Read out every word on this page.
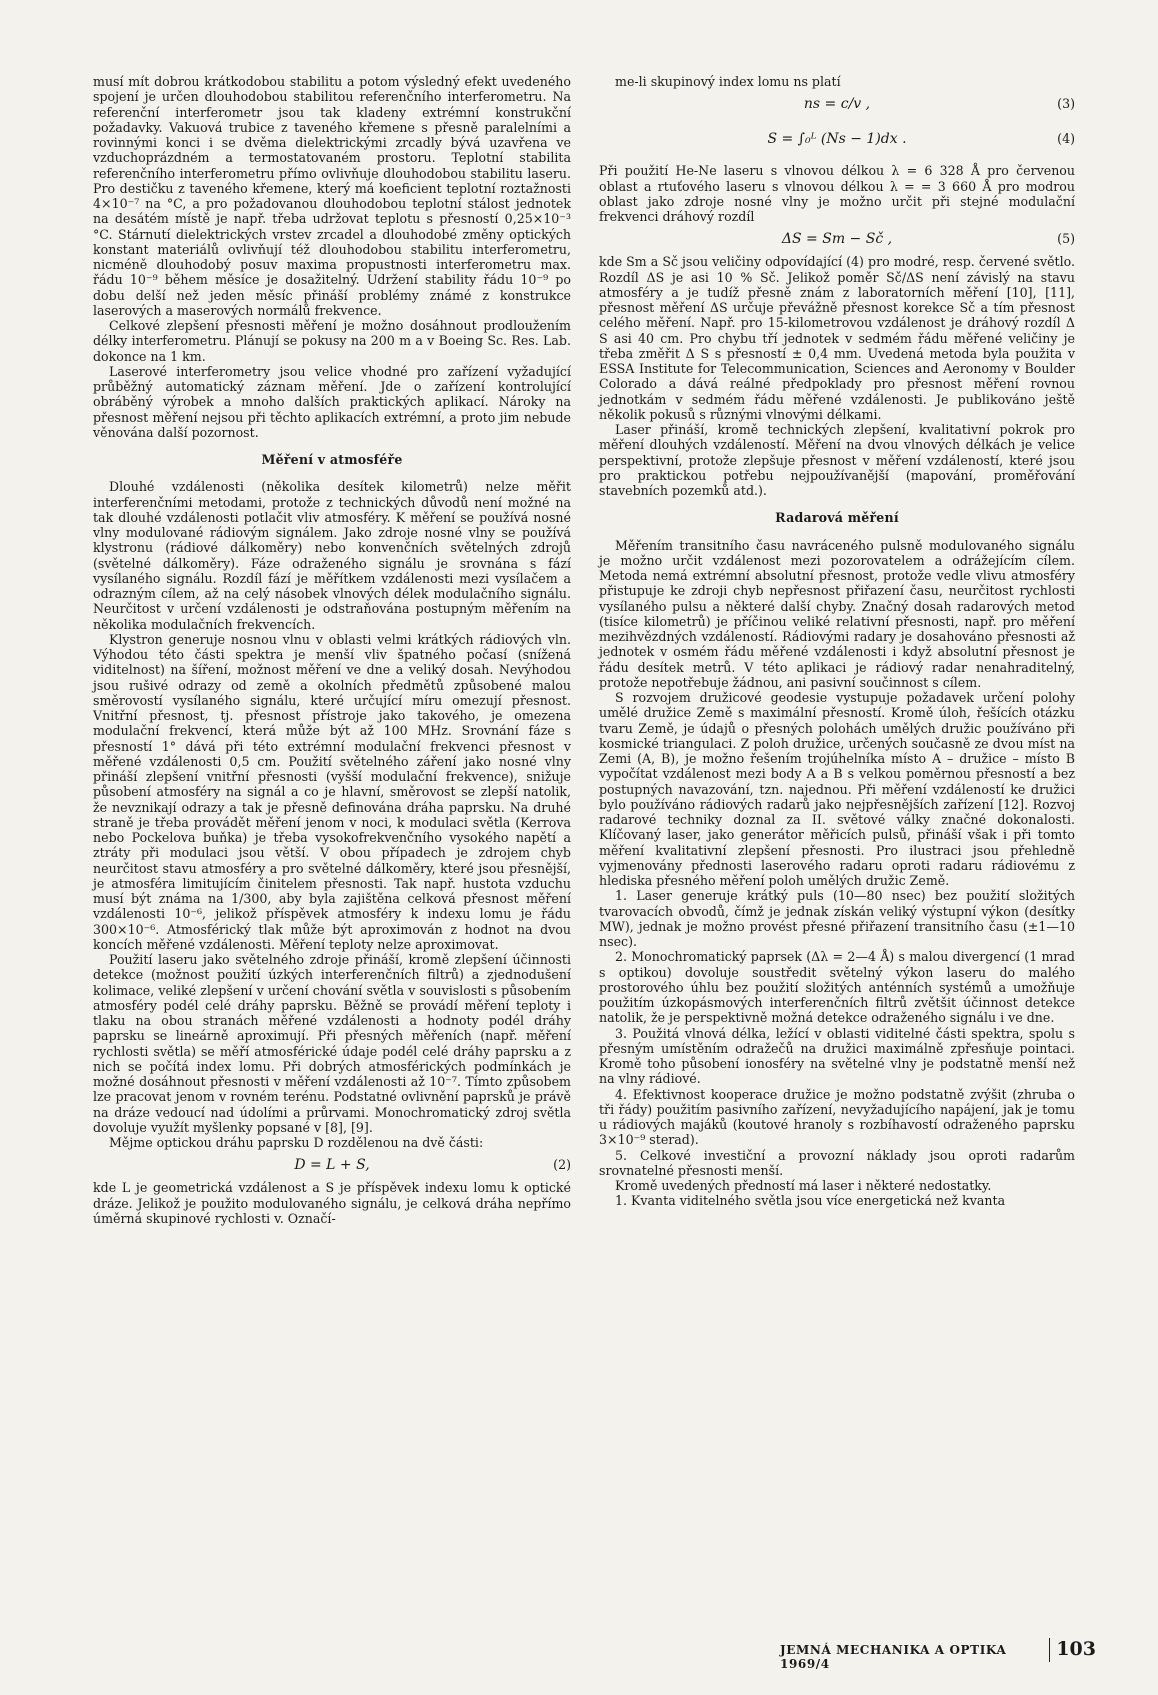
musí mít dobrou krátkodobou stabilitu a potom výsledný efekt uvedeného spojení je určen dlouhodobou stabilitou referenčního interferometru. Na referenční interferometr jsou tak kladeny extrémní konstrukční požadavky. Vakuová trubice z taveného křemene s přesně paralelními a rovinnými konci i se dvěma dielektrickými zrcadly bývá uzavřena ve vzduchoprázdném a termostatovaném prostoru. Teplotní stabilita referenčního interferometru přímo ovlivňuje dlouhodobou stabilitu laseru. Pro destičku z taveného křemene, který má koeficient teplotní roztažnosti 4×10⁻⁷ na °C, a pro požadovanou dlouhodobou teplotní stálost jednotek na desátém místě je např. třeba udržovat teplotu s přesností 0,25×10⁻³ °C. Stárnutí dielektrických vrstev zrcadel a dlouhodobé změny optických konstant materiálů ovlivňují též dlouhodobou stabilitu interferometru, nicméně dlouhodobý posuv maxima propustnosti interferometru max. řádu 10⁻⁹ během měsíce je dosažitelný. Udržení stability řádu 10⁻⁹ po dobu delší než jeden měsíc přináší problémy známé z konstrukce laserových a maserových normálů frekvence.

Celkové zlepšení přesnosti měření je možno dosáhnout prodloužením délky interferometru. Plánují se pokusy na 200 m a v Boeing Sc. Res. Lab. dokonce na 1 km.

Laserové interferometry jsou velice vhodné pro zařízení vyžadující průběžný automatický záznam měření. Jde o zařízení kontrolující obráběný výrobek a mnoho dalších praktických aplikací. Nároky na přesnost měření nejsou při těchto aplikacích extrémní, a proto jim nebude věnována další pozornost.

Měření v atmosféře

Dlouhé vzdálenosti (několika desítek kilometrů) nelze měřit interferenčními metodami, protože z technických důvodů není možné na tak dlouhé vzdálenosti potlačit vliv atmosféry. K měření se používá nosné vlny modulované rádiovým signálem. Jako zdroje nosné vlny se používá klystronu (rádiové dálkoměry) nebo konvenčních světelných zdrojů (světelné dálkoměry). Fáze odraženého signálu je srovnána s fází vysílaného signálu. Rozdíl fází je měřítkem vzdálenosti mezi vysílačem a odrazným cílem, až na celý násobek vlnových délek modulačního signálu. Neurčitost v určení vzdálenosti je odstraňována postupným měřením na několika modulačních frekvencích.

Klystron generuje nosnou vlnu v oblasti velmi krátkých rádiových vln. Výhodou této části spektra je menší vliv špatného počasí (snížená viditelnost) na šíření, možnost měření ve dne a veliký dosah. Nevýhodou jsou rušivé odrazy od země a okolních předmětů způsobené malou směrovostí vysílaného signálu, které určující míru omezují přesnost. Vnitřní přesnost, tj. přesnost přístroje jako takového, je omezena modulační frekvencí, která může být až 100 MHz. Srovnání fáze s přesností 1° dává při této extrémní modulační frekvenci přesnost v měřené vzdálenosti 0,5 cm. Použití světelného záření jako nosné vlny přináší zlepšení vnitřní přesnosti (vyšší modulační frekvence), snižuje působení atmosféry na signál a co je hlavní, směrovost se zlepší natolik, že nevznikají odrazy a tak je přesně definována dráha paprsku. Na druhé straně je třeba provádět měření jenom v noci, k modulaci světla (Kerrova nebo Pockelova buňka) je třeba vysokofrekvenčního vysokého napětí a ztráty při modulaci jsou větší. V obou případech je zdrojem chyb neurčitost stavu atmosféry a pro světelné dálkoměry, které jsou přesnější, je atmosféra limitujícím činitelem přesnosti. Tak např. hustota vzduchu musí být známa na 1/300, aby byla zajištěna celková přesnost měření vzdálenosti 10⁻⁶, jelikož příspěvek atmosféry k indexu lomu je řádu 300×10⁻⁶. Atmosférický tlak může být aproximován z hodnot na dvou koncích měřené vzdálenosti. Měření teploty nelze aproximovat.

Použití laseru jako světelného zdroje přináší, kromě zlepšení účinnosti detekce (možnost použití úzkých interferenčních filtrů) a zjednodušení kolimace, veliké zlepšení v určení chování světla v souvislosti s působením atmosféry podél celé dráhy paprsku. Běžně se provádí měření teploty i tlaku na obou stranách měřené vzdálenosti a hodnoty podél dráhy paprsku se lineárně aproximují. Při přesných měřeních (např. měření rychlosti světla) se měří atmosférické údaje podél celé dráhy paprsku a z nich se počítá index lomu. Při dobrých atmosférických podmínkách je možné dosáhnout přesnosti v měření vzdálenosti až 10⁻⁷. Tímto způsobem lze pracovat jenom v rovném terénu. Podstatné ovlivnění paprsků je právě na dráze vedoucí nad údolími a průrvami. Monochromatický zdroj světla dovoluje využít myšlenky popsané v [8], [9].

Mějme optickou dráhu paprsku D rozdělenou na dvě části:

D = L + S,	(2)

kde L je geometrická vzdálenost a S je příspěvek indexu lomu k optické dráze. Jelikož je použito modulovaného signálu, je celková dráha nepřímo úměrná skupinové rychlosti v. Označí-

me-li skupinový index lomu ns platí

ns = c/v ,	(3)
S = ∫₀ᴸ (Ns − 1)dx .	(4)

Při použití He-Ne laseru s vlnovou délkou λ = 6 328 Å pro červenou oblast a rtuťového laseru s vlnovou délkou λ = = 3 660 Å pro modrou oblast jako zdroje nosné vlny je možno určit při stejné modulační frekvenci dráhový rozdíl

ΔS = Sm − Sč ,	(5)

kde Sm a Sč jsou veličiny odpovídající (4) pro modré, resp. červené světlo. Rozdíl ΔS je asi 10 % Sč. Jelikož poměr Sč/ΔS není závislý na stavu atmosféry a je tudíž přesně znám z laboratorních měření [10], [11], přesnost měření ΔS určuje převážně přesnost korekce Sč a tím přesnost celého měření. Např. pro 15-kilometrovou vzdálenost je dráhový rozdíl Δ S asi 40 cm. Pro chybu tří jednotek v sedmém řádu měřené veličiny je třeba změřit Δ S s přesností ± 0,4 mm. Uvedená metoda byla použita v ESSA Institute for Telecommunication, Sciences and Aeronomy v Boulder Colorado a dává reálné předpoklady pro přesnost měření rovnou jednotkám v sedmém řádu měřené vzdálenosti. Je publikováno ještě několik pokusů s různými vlnovými délkami.

Laser přináší, kromě technických zlepšení, kvalitativní pokrok pro měření dlouhých vzdáleností. Měření na dvou vlnových délkách je velice perspektivní, protože zlepšuje přesnost v měření vzdáleností, které jsou pro praktickou potřebu nejpoužívanější (mapování, proměřování stavebních pozemků atd.).

Radarová měření

Měřením transitního času navráceného pulsně modulovaného signálu je možno určit vzdálenost mezi pozorovatelem a odrážejícím cílem. Metoda nemá extrémní absolutní přesnost, protože vedle vlivu atmosféry přistupuje ke zdroji chyb nepřesnost přiřazení času, neurčitost rychlosti vysílaného pulsu a některé další chyby. Značný dosah radarových metod (tisíce kilometrů) je příčinou veliké relativní přesnosti, např. pro měření mezihvězdných vzdáleností. Rádiovými radary je dosahováno přesnosti až jednotek v osmém řádu měřené vzdálenosti i když absolutní přesnost je řádu desítek metrů. V této aplikaci je rádiový radar nenahraditelný, protože nepotřebuje žádnou, ani pasivní součinnost s cílem.

S rozvojem družicové geodesie vystupuje požadavek určení polohy umělé družice Země s maximální přesností. Kromě úloh, řešících otázku tvaru Země, je údajů o přesných polohách umělých družic používáno při kosmické triangulaci. Z poloh družice, určených současně ze dvou míst na Zemi (A, B), je možno řešením trojúhelníka místo A – družice – místo B vypočítat vzdálenost mezi body A a B s velkou poměrnou přesností a bez postupných navazování, tzn. najednou. Při měření vzdáleností ke družici bylo používáno rádiových radarů jako nejpřesnějších zařízení [12]. Rozvoj radarové techniky doznal za II. světové války značné dokonalosti. Klíčovaný laser, jako generátor měřicích pulsů, přináší však i při tomto měření kvalitativní zlepšení přesnosti. Pro ilustraci jsou přehledně vyjmenovány přednosti laserového radaru oproti radaru rádiovému z hlediska přesného měření poloh umělých družic Země.

1. Laser generuje krátký puls (10—80 nsec) bez použití složitých tvarovacích obvodů, čímž je jednak získán veliký výstupní výkon (desítky MW), jednak je možno provést přesné přiřazení transitního času (±1—10 nsec).

2. Monochromatický paprsek (Δλ = 2—4 Å) s malou divergencí (1 mrad s optikou) dovoluje soustředit světelný výkon laseru do malého prostorového úhlu bez použití složitých anténních systémů a umožňuje použitím úzkopásmových interferenčních filtrů zvětšit účinnost detekce natolik, že je perspektivně možná detekce odraženého signálu i ve dne.

3. Použitá vlnová délka, ležící v oblasti viditelné části spektra, spolu s přesným umístěním odražečů na družici maximálně zpřesňuje pointaci. Kromě toho působení ionosféry na světelné vlny je podstatně menší než na vlny rádiové.

4. Efektivnost kooperace družice je možno podstatně zvýšit (zhruba o tři řády) použitím pasivního zařízení, nevyžadujícího napájení, jak je tomu u rádiových majáků (koutové hranoly s rozbíhavostí odraženého paprsku 3×10⁻⁹ sterad).

5. Celkové investiční a provozní náklady jsou oproti radarům srovnatelné přesnosti menší.

Kromě uvedených předností má laser i některé nedostatky.

1. Kvanta viditelného světla jsou více energetická než kvanta

JEMNÁ MECHANIKA A OPTIKA 1969/4
103
